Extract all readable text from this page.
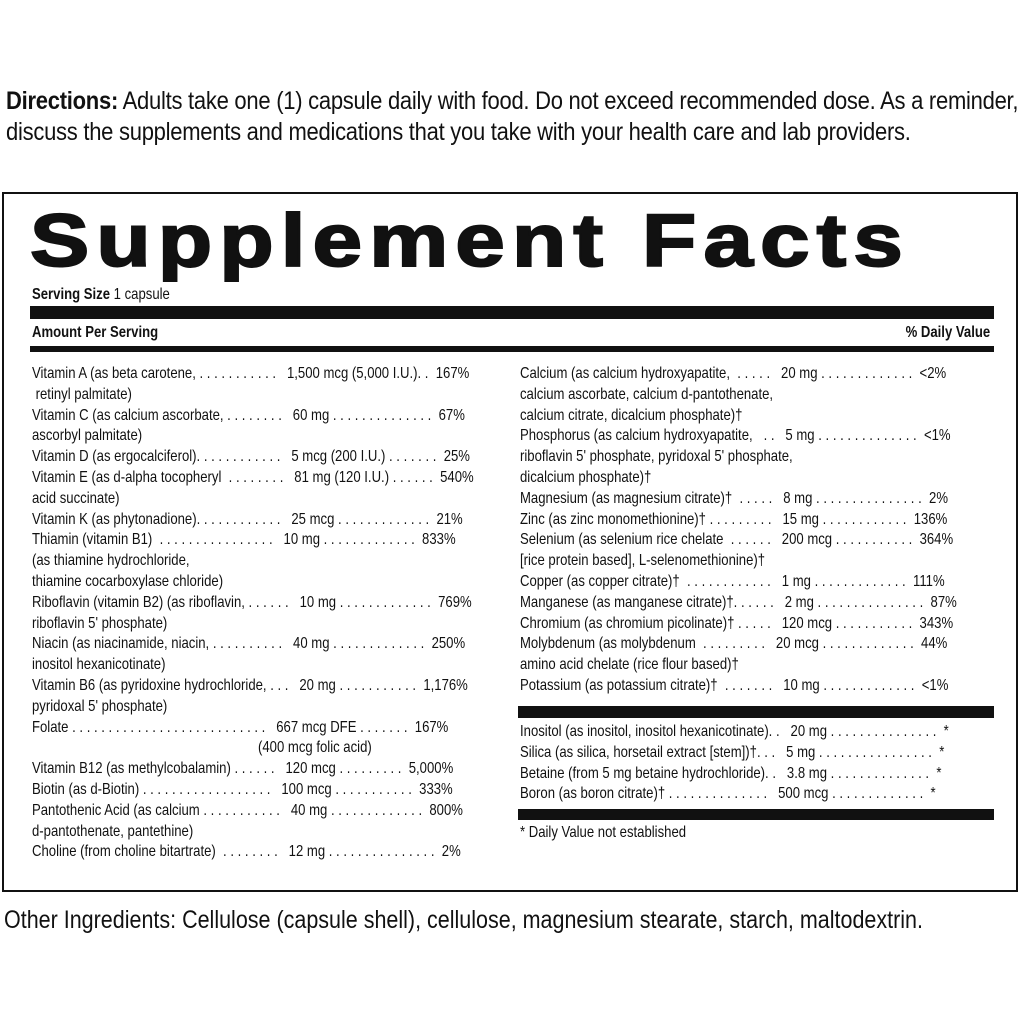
Directions: Adults take one (1) capsule daily with food. Do not exceed recommended dose. As a reminder, discuss the supplements and medications that you take with your health care and lab providers.
Supplement Facts
Serving Size 1 capsule
Amount Per Serving	% Daily Value
Vitamin A (as beta carotene, . . . . . . . . . . .   1,500 mcg (5,000 I.U.). .  167%
retinyl palmitate)
Vitamin C (as calcium ascorbate, . . . . . . . .   60 mg . . . . . . . . . . . . . .  67%
ascorbyl palmitate)
Vitamin D (as ergocalciferol). . . . . . . . . . . .   5 mcg (200 I.U.) . . . . . . .  25%
Vitamin E (as d-alpha tocopheryl  . . . . . . . .   81 mg (120 I.U.) . . . . . .  540%
acid succinate)
Vitamin K (as phytonadione). . . . . . . . . . . .   25 mcg . . . . . . . . . . . . .  21%
Thiamin (vitamin B1)  . . . . . . . . . . . . . . . .   10 mg . . . . . . . . . . . . .  833%
(as thiamine hydrochloride,
thiamine cocarboxylase chloride)
Riboflavin (vitamin B2) (as riboflavin, . . . . . .   10 mg . . . . . . . . . . . . .  769%
riboflavin 5' phosphate)
Niacin (as niacinamide, niacin, . . . . . . . . . .   40 mg . . . . . . . . . . . . .  250%
inositol hexanicotinate)
Vitamin B6 (as pyridoxine hydrochloride, . . .   20 mg . . . . . . . . . . .  1,176%
pyridoxal 5' phosphate)
Folate . . . . . . . . . . . . . . . . . . . . . . . . . . .   667 mcg DFE . . . . . . .  167%
(400 mcg folic acid)
Vitamin B12 (as methylcobalamin) . . . . . .   120 mcg . . . . . . . . .  5,000%
Biotin (as d-Biotin) . . . . . . . . . . . . . . . . . .   100 mcg . . . . . . . . . . .  333%
Pantothenic Acid (as calcium . . . . . . . . . . .   40 mg . . . . . . . . . . . . .  800%
d-pantothenate, pantethine)
Choline (from choline bitartrate)  . . . . . . . .   12 mg . . . . . . . . . . . . . . .  2%
Calcium (as calcium hydroxyapatite,  . . . . .   20 mg . . . . . . . . . . . . .  <2%
calcium ascorbate, calcium d-pantothenate,
calcium citrate, dicalcium phosphate)†
Phosphorus (as calcium hydroxyapatite,   . .   5 mg . . . . . . . . . . . . . .  <1%
riboflavin 5' phosphate, pyridoxal 5' phosphate,
dicalcium phosphate)†
Magnesium (as magnesium citrate)†  . . . . .   8 mg . . . . . . . . . . . . . . .  2%
Zinc (as zinc monomethionine)† . . . . . . . . .   15 mg . . . . . . . . . . . .  136%
Selenium (as selenium rice chelate  . . . . . .   200 mcg . . . . . . . . . . .  364%
[rice protein based], L-selenomethionine)†
Copper (as copper citrate)†  . . . . . . . . . . . .   1 mg . . . . . . . . . . . . .  111%
Manganese (as manganese citrate)†. . . . . .   2 mg . . . . . . . . . . . . . . .  87%
Chromium (as chromium picolinate)† . . . . .   120 mcg . . . . . . . . . . .  343%
Molybdenum (as molybdenum  . . . . . . . . .   20 mcg . . . . . . . . . . . . .  44%
amino acid chelate (rice flour based)†
Potassium (as potassium citrate)†  . . . . . . .   10 mg . . . . . . . . . . . . .  <1%
Inositol (as inositol, inositol hexanicotinate). .   20 mg . . . . . . . . . . . . . . .  *
Silica (as silica, horsetail extract [stem])†. . .   5 mg . . . . . . . . . . . . . . . .  *
Betaine (from 5 mg betaine hydrochloride). .   3.8 mg . . . . . . . . . . . . . .  *
Boron (as boron citrate)† . . . . . . . . . . . . . .   500 mcg . . . . . . . . . . . . .  *
* Daily Value not established
Other Ingredients: Cellulose (capsule shell), cellulose, magnesium stearate, starch, maltodextrin.
